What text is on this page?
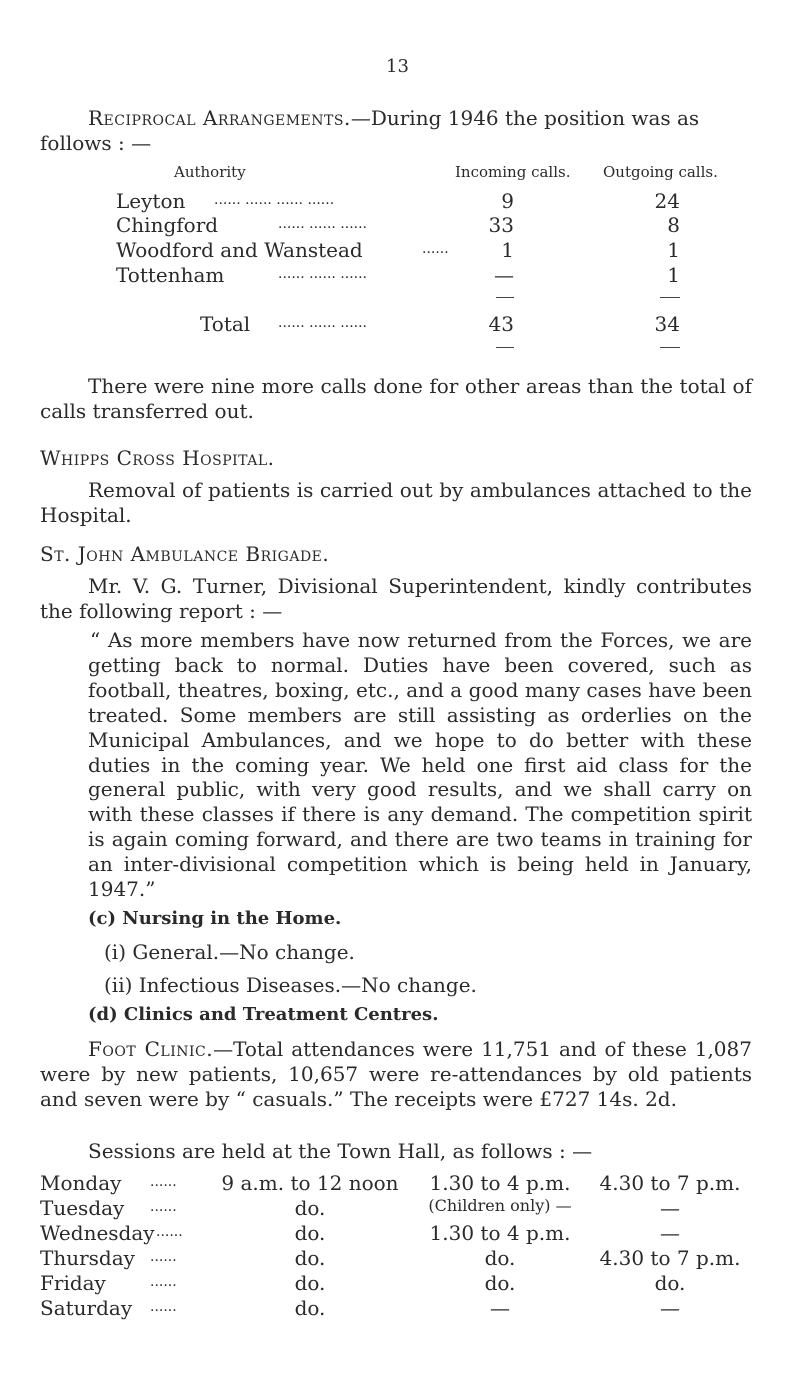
13
Reciprocal Arrangements.—During 1946 the position was as
follows : —
Authority	Incoming calls. Outgoing calls.
Leyton ...... ...... ...... ......	9	24
Chingford	...... ...... ......	33	8
Woodford and Wanstead	......	1	1
Tottenham	...... ...... ......	—	1
Total ...... ...... ......	43	34
There were nine more calls done for other areas than the total of calls transferred out.
Whipps Cross Hospital.
Removal of patients is carried out by ambulances attached to the Hospital.
St. John Ambulance Brigade.
Mr. V. G. Turner, Divisional Superintendent, kindly contributes the following report : —
“ As more members have now returned from the Forces, we are getting back to normal. Duties have been covered, such as football, theatres, boxing, etc., and a good many cases have been treated. Some members are still assisting as orderlies on the Municipal Ambulances, and we hope to do better with these duties in the coming year. We held one first aid class for the general public, with very good results, and we shall carry on with these classes if there is any demand. The competition spirit is again coming forward, and there are two teams in training for an inter-divisional competition which is being held in January, 1947.”
(c) Nursing in the Home.
(i) General.—No change.
(ii) Infectious Diseases.—No change.
(d) Clinics and Treatment Centres.
Foot Clinic.—Total attendances were 11,751 and of these 1,087 were by new patients, 10,657 were re-attendances by old patients and seven were by “ casuals.” The receipts were £727 14s. 2d.
Sessions are held at the Town Hall, as follows : —
Monday ......	9 a.m. to 12 noon	1.30 to 4 p.m.	4.30 to 7 p.m.
Tuesday ......	do.	(Children only) —	—
Wednesday ......	do.	1.30 to 4 p.m.	—
Thursday ......	do.	do.	4.30 to 7 p.m.
Friday	......	do.	do.	do.
Saturday ......	do.	—	—
